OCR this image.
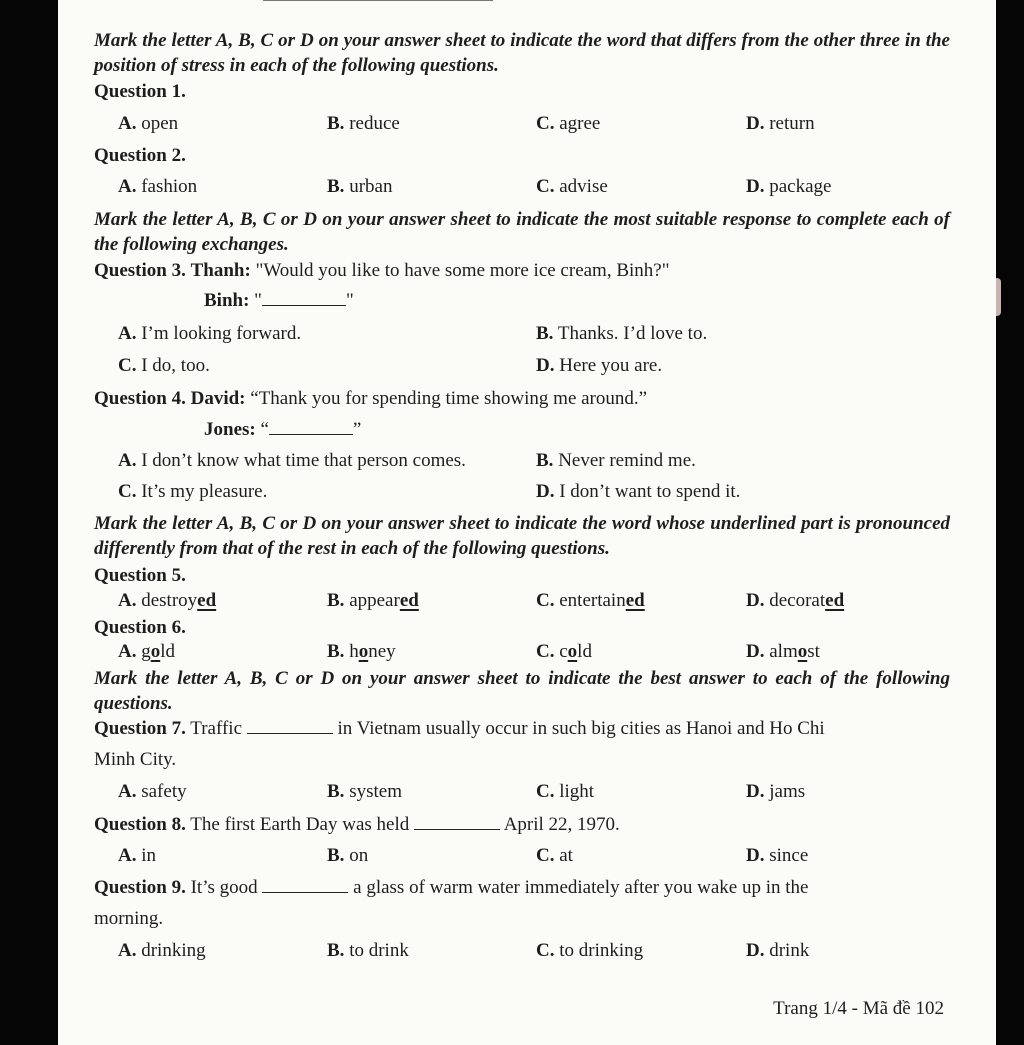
Mark the letter A, B, C or D on your answer sheet to indicate the word that differs from the other three in the position of stress in each of the following questions.
Question 1.
A. open	B. reduce	C. agree	D. return
Question 2.
A. fashion	B. urban	C. advise	D. package
Mark the letter A, B, C or D on your answer sheet to indicate the most suitable response to complete each of the following exchanges.
Question 3. Thanh: "Would you like to have some more ice cream, Binh?"
Binh: "	"
A. I’m looking forward.	B. Thanks. I’d love to.
C. I do, too.	D. Here you are.
Question 4. David: “Thank you for spending time showing me around.”
Jones: “	”
A. I don’t know what time that person comes.	B. Never remind me.
C. It’s my pleasure.	D. I don’t want to spend it.
Mark the letter A, B, C or D on your answer sheet to indicate the word whose underlined part is pronounced differently from that of the rest in each of the following questions.
Question 5.
A. destroyed	B. appeared	C. entertained	D. decorated
Question 6.
A. gold	B. honey	C. cold	D. almost
Mark the letter A, B, C or D on your answer sheet to indicate the best answer to each of the following questions.
Question 7. Traffic	in Vietnam usually occur in such big cities as Hanoi and Ho Chi
Minh City.
A. safety	B. system	C. light	D. jams
Question 8. The first Earth Day was held	April 22, 1970.
A. in	B. on	C. at	D. since
Question 9. It’s good	a glass of warm water immediately after you wake up in the
morning.
A. drinking	B. to drink	C. to drinking	D. drink
Trang 1/4 - Mã đề 102
